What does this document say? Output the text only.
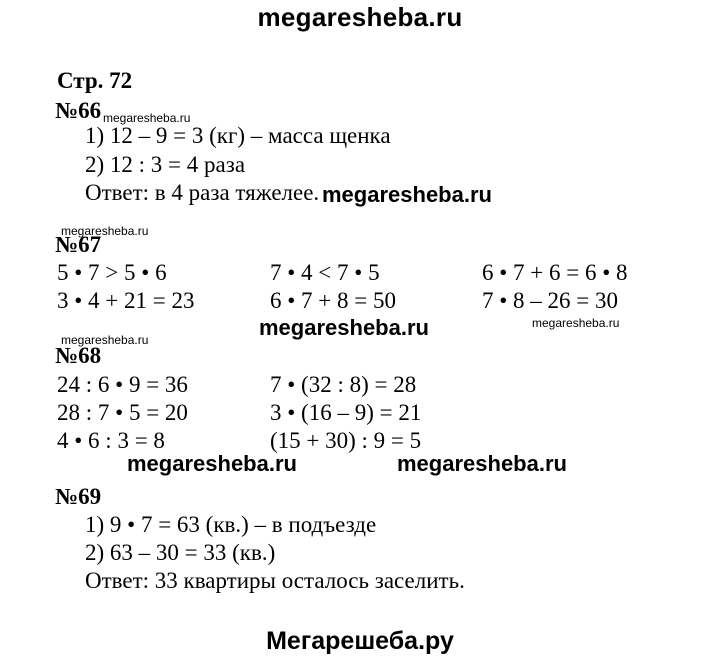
megaresheba.ru
Стр. 72
№66 megaresheba.ru
1) 12 – 9 = 3 (кг) – масса щенка
2) 12 : 3 = 4 раза
Ответ: в 4 раза тяжелее. megaresheba.ru
megaresheba.ru
№67
5 • 7 > 5 • 6	7 • 4 < 7 • 5	6 • 7 + 6 = 6 • 8
3 • 4 + 21 = 23	6 • 7 + 8 = 50	7 • 8 – 26 = 30
megaresheba.ru	megaresheba.ru	megaresheba.ru
№68
24 : 6 • 9 = 36	7 • (32 : 8) = 28
28 : 7 • 5 = 20	3 • (16 – 9) = 21
4 • 6 : 3 = 8	(15 + 30) : 9 = 5
megaresheba.ru	megaresheba.ru
№69
1) 9 • 7 = 63 (кв.) – в подъезде
2) 63 – 30 = 33 (кв.)
Ответ: 33 квартиры осталось заселить.
Мегарешеба.ру
